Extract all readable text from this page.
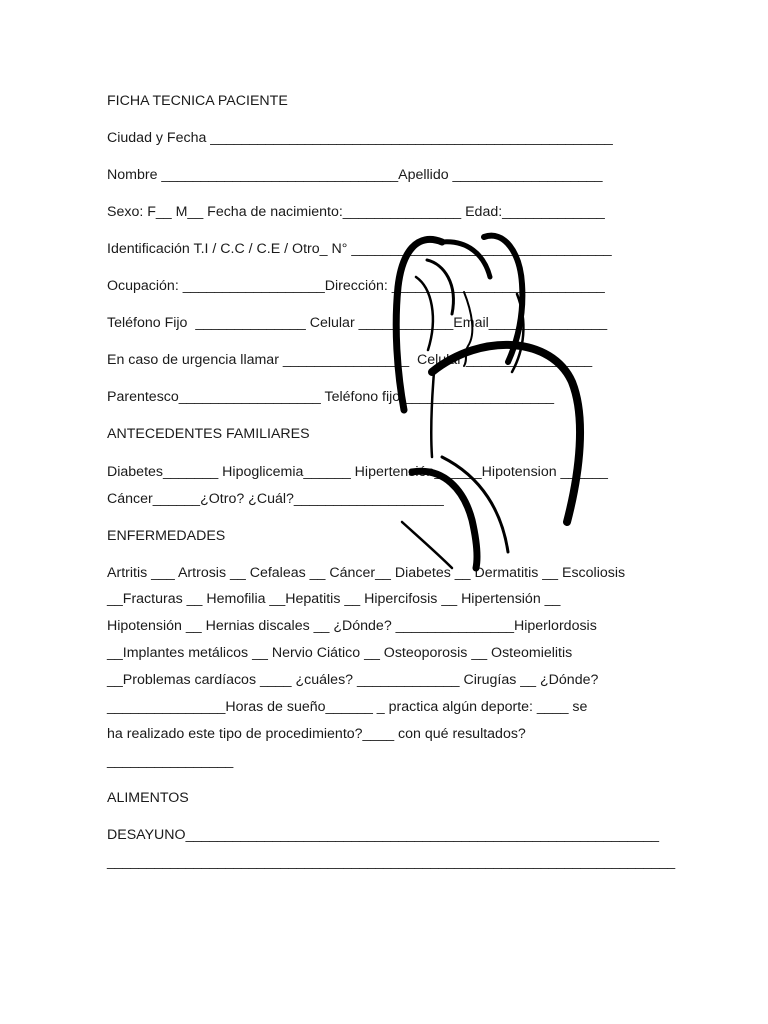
FICHA TECNICA PACIENTE
Ciudad y Fecha ___________________________________________________
Nombre ______________________________Apellido ___________________
Sexo: F__ M__ Fecha de nacimiento:_______________ Edad:_____________
Identificación T.I / C.C / C.E / Otro_ N° _________________________________
Ocupación: __________________Dirección: ___________________________
Teléfono Fijo  ______________ Celular ____________Email_______________
En caso de urgencia llamar ________________  Celular ________________
Parentesco__________________ Teléfono fijo ___________________
ANTECEDENTES FAMILIARES
Diabetes_______ Hipoglicemia______ Hipertensión______Hipotension ______
Cáncer______¿Otro? ¿Cuál?___________________
ENFERMEDADES
Artritis ___ Artrosis __ Cefaleas __ Cáncer__ Diabetes __ Dermatitis __ Escoliosis
__Fracturas __ Hemofilia __Hepatitis __ Hipercifosis __ Hipertensión __
Hipotensión __ Hernias discales __ ¿Dónde? _______________Hiperlordosis
__Implantes metálicos __ Nervio Ciático __ Osteoporosis __ Osteomielitis
__Problemas cardíacos ____ ¿cuáles? _____________ Cirugías __ ¿Dónde?
_______________Horas de sueño______ _ practica algún deporte: ____ se
ha realizado este tipo de procedimiento?____ con qué resultados?
________________
ALIMENTOS
DESAYUNO____________________________________________________________
________________________________________________________________________
